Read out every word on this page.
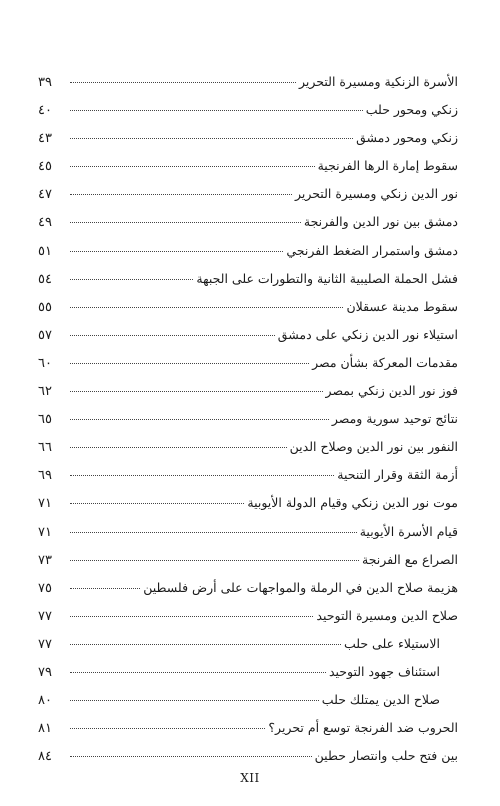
الأسرة الزنكية ومسيرة التحرير
٣٩
زنكي ومحور حلب
٤٠
زنكي ومحور دمشق
٤٣
سقوط إمارة الرها الفرنجية
٤٥
نور الدين زنكي ومسيرة التحرير
٤٧
دمشق بين نور الدين والفرنجة
٤٩
دمشق واستمرار الضغط الفرنجي
٥١
فشل الحملة الصليبية الثانية والتطورات على الجبهة
٥٤
سقوط مدينة عسقلان
٥٥
استيلاء نور الدين زنكي على دمشق
٥٧
مقدمات المعركة بشأن مصر
٦٠
فوز نور الدين زنكي بمصر
٦٢
نتائج توحيد سورية ومصر
٦٥
النفور بين نور الدين وصلاح الدين
٦٦
أزمة الثقة وقرار التنحية
٦٩
موت نور الدين زنكي وقيام الدولة الأيوبية
٧١
قيام الأسرة الأيوبية
٧١
الصراع مع الفرنجة
٧٣
هزيمة صلاح الدين في الرملة والمواجهات على أرض فلسطين
٧٥
صلاح الدين ومسيرة التوحيد
٧٧
الاستيلاء على حلب
٧٧
استئناف جهود التوحيد
٧٩
صلاح الدين يمتلك حلب
٨٠
الحروب ضد الفرنجة توسع أم تحرير؟
٨١
بين فتح حلب وانتصار حطين
٨٤
XII
